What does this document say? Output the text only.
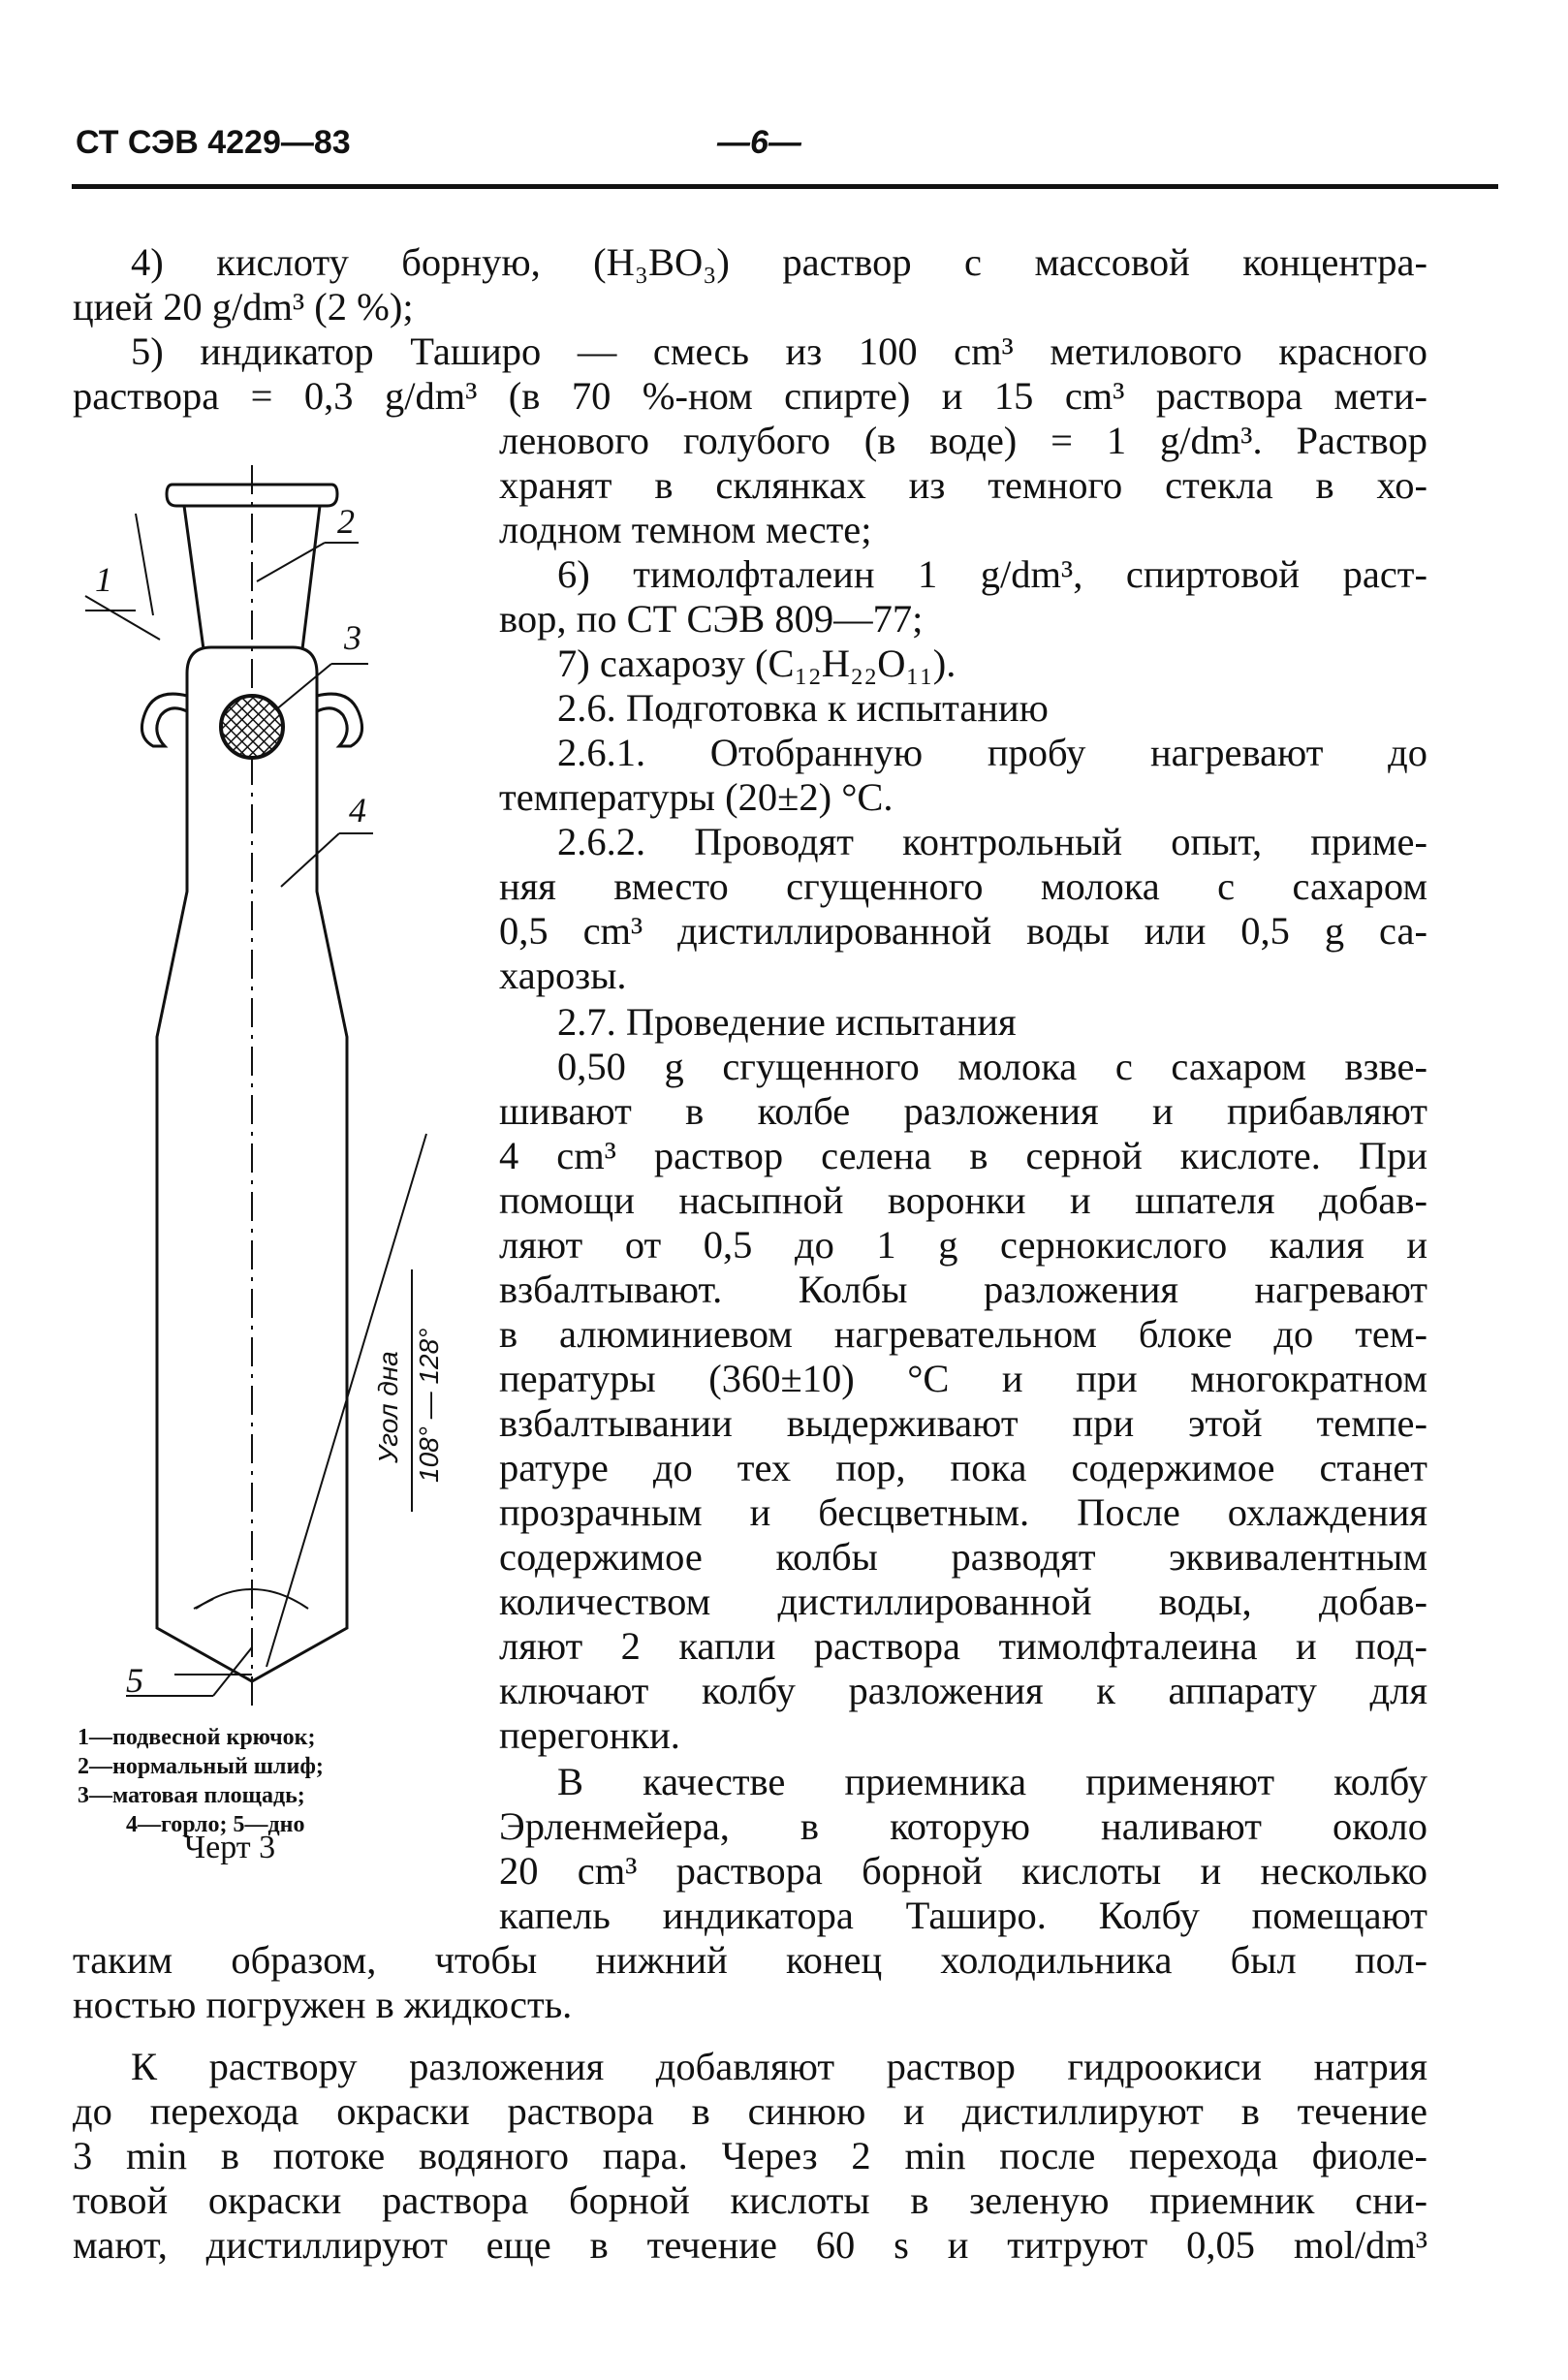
СТ СЭВ 4229—83	—6—
4) кислоту борную, (H₃BO₃) раствор с массовой концентра-
цией 20 g/dm³ (2 %);
5) индикатор Таширо — смесь из 100 cm³ метилового красного
раствора = 0,3 g/dm³ (в 70 %-ном спирте) и 15 cm³ раствора мети-
ленового голубого (в воде) = 1 g/dm³. Раствор
хранят в склянках из темного стекла в хо-
лодном темном месте;
6) тимолфталеин 1 g/dm³, спиртовой раст-
вор, по СТ СЭВ 809—77;
7) сахарозу (C₁₂H₂₂O₁₁).
2.6. Подготовка к испытанию
2.6.1. Отобранную пробу нагревают до
температуры (20±2) °C.
2.6.2. Проводят контрольный опыт, приме-
няя вместо сгущенного молока с сахаром
0,5 cm³ дистиллированной воды или 0,5 g са-
харозы.
2.7. Проведение испытания
0,50 g сгущенного молока с сахаром взве-
шивают в колбе разложения и прибавляют
4 cm³ раствор селена в серной кислоте. При
помощи насыпной воронки и шпателя добав-
ляют от 0,5 до 1 g сернокислого калия и
взбалтывают. Колбы разложения нагревают
в алюминиевом нагревательном блоке до тем-
пературы (360±10) °C и при многократном
взбалтывании выдерживают при этой темпе-
ратуре до тех пор, пока содержимое станет
прозрачным и бесцветным. После охлаждения
содержимое колбы разводят эквивалентным
количеством дистиллированной воды, добав-
ляют 2 капли раствора тимолфталеина и под-
ключают колбу разложения к аппарату для
перегонки.
В качестве приемника применяют колбу
Эрленмейера, в которую наливают около
20 cm³ раствора борной кислоты и несколько
капель индикатора Таширо. Колбу помещают
таким образом, чтобы нижний конец холодильника был пол-
ностью погружен в жидкость.
К раствору разложения добавляют раствор гидроокиси натрия
до перехода окраски раствора в синюю и дистиллируют в течение
3 min в потоке водяного пара. Через 2 min после перехода фиоле-
товой окраски раствора борной кислоты в зеленую приемник сни-
мают, дистиллируют еще в течение 60 s и титруют 0,05 mol/dm³
1
2
3
4
5
Угол дна 108° — 128°
1—подвесной крючок;
2—нормальный шлиф;
3—матовая площадь;
4—горло; 5—дно
Черт 3
